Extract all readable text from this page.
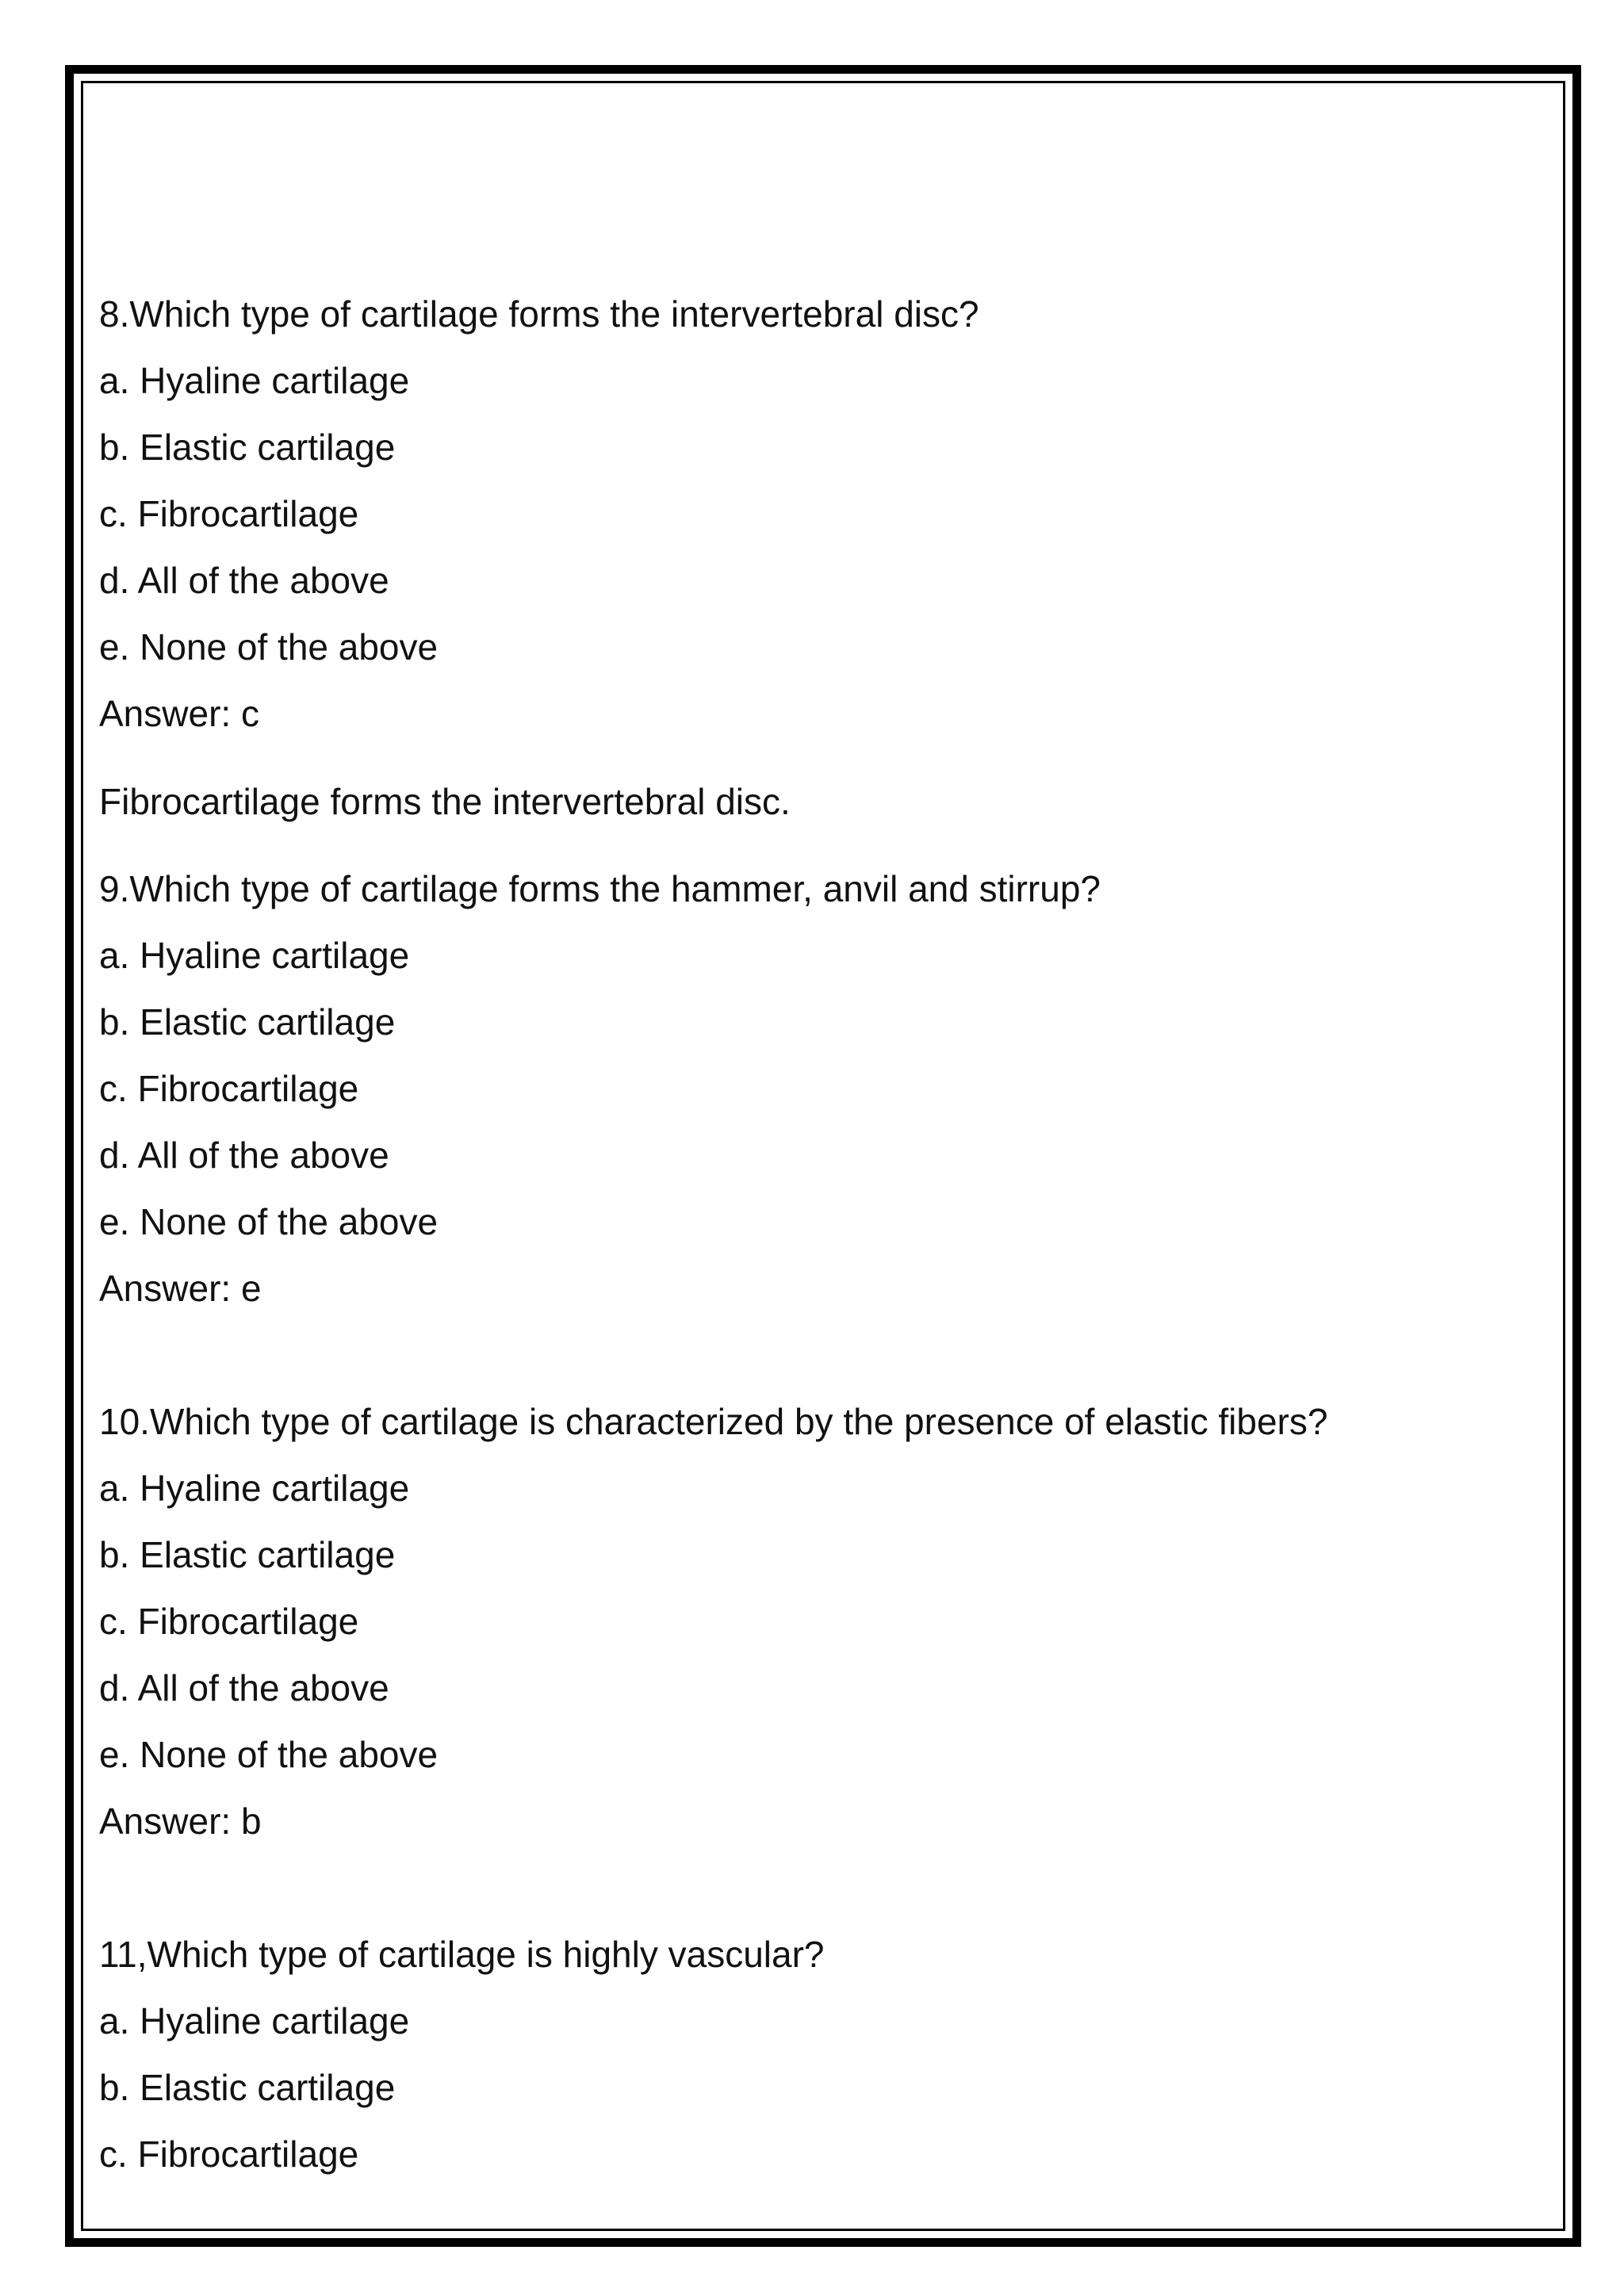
8.Which type of cartilage forms the intervertebral disc?
a. Hyaline cartilage
b. Elastic cartilage
c. Fibrocartilage
d. All of the above
e. None of the above
Answer: c
Fibrocartilage forms the intervertebral disc.
9.Which type of cartilage forms the hammer, anvil and stirrup?
a. Hyaline cartilage
b. Elastic cartilage
c. Fibrocartilage
d. All of the above
e. None of the above
Answer: e
10.Which type of cartilage is characterized by the presence of elastic fibers?
a. Hyaline cartilage
b. Elastic cartilage
c. Fibrocartilage
d. All of the above
e. None of the above
Answer: b
11,Which type of cartilage is highly vascular?
a. Hyaline cartilage
b. Elastic cartilage
c. Fibrocartilage
